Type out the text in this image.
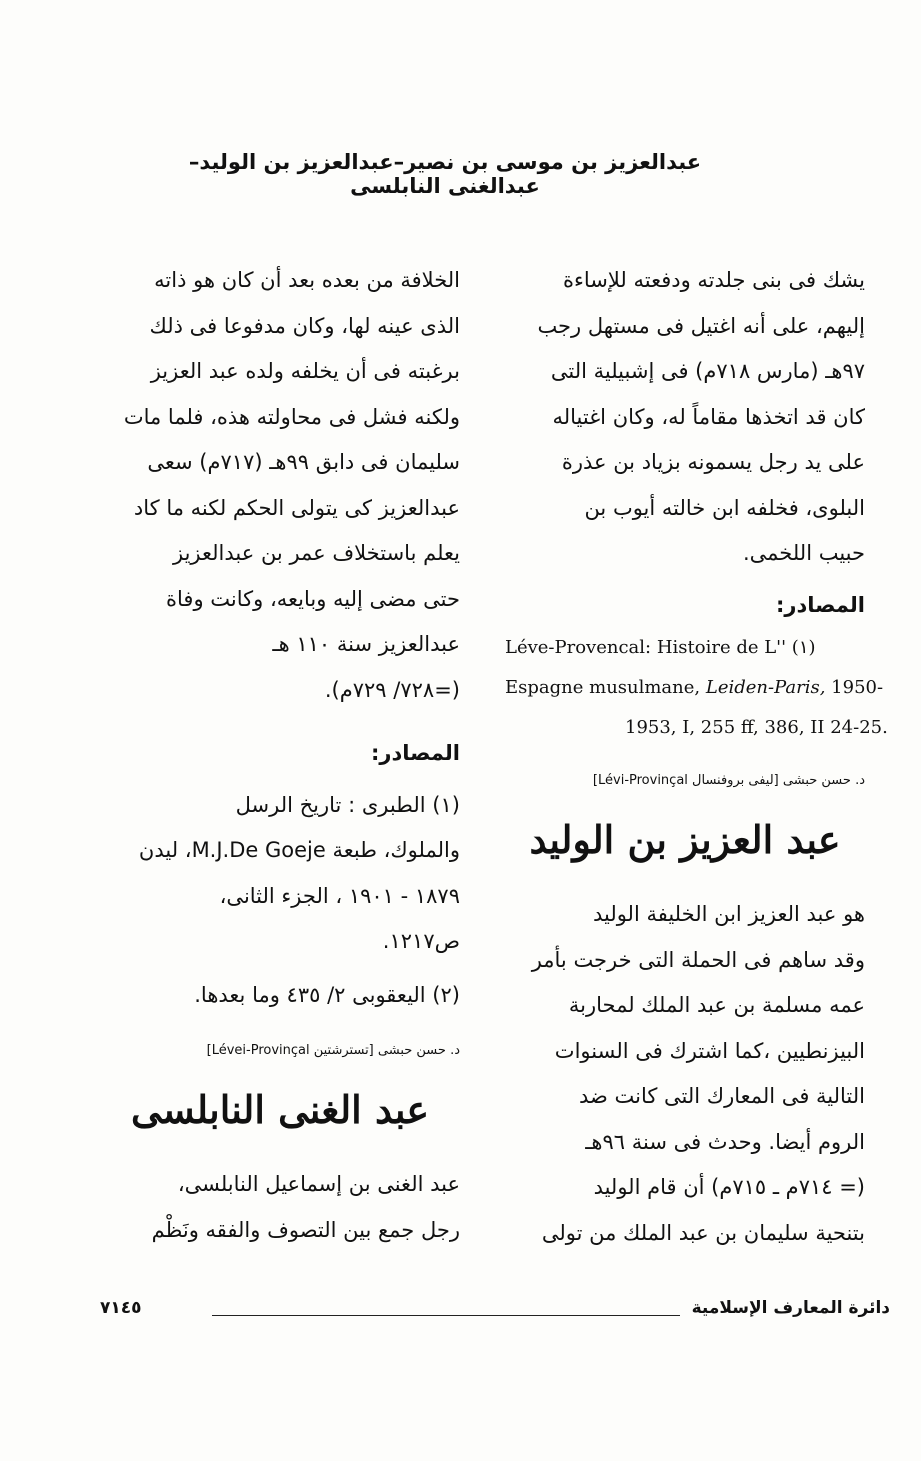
عبدالعزيز بن موسى بن نصير–عبدالعزيز بن الوليد–عبدالغنى النابلسى
يشك فى بنى جلدته ودفعته للإساءة
إليهم، على أنه اغتيل فى مستهل رجب
٩٧هـ (مارس ٧١٨م) فى إشبيلية التى
كان قد اتخذها مقاماً له، وكان اغتياله
على يد رجل يسمونه بزياد بن عذرة
البلوى، فخلفه ابن خالته أيوب بن
حبيب اللخمى.
المصادر:
Léve-Provencal: Histoire de L'' (١)
Espagne musulmane, Leiden-Paris, 1950-
1953, I, 255 ff, 386, II 24-25.
د. حسن حبشى [ليفى بروفنسال Lévi-Provinçal]
عبد العزيز بن الوليد
هو عبد العزيز ابن الخليفة الوليد
وقد ساهم فى الحملة التى خرجت بأمر
عمه مسلمة بن عبد الملك لمحاربة
البيزنطيين ،كما اشترك فى السنوات
التالية فى المعارك التى كانت ضد
الروم أيضا. وحدث فى سنة ٩٦هـ
(= ٧١٤م ـ ٧١٥م) أن قام الوليد
بتنحية سليمان بن عبد الملك من تولى
الخلافة من بعده بعد أن كان هو ذاته
الذى عينه لها، وكان مدفوعا فى ذلك
برغبته فى أن يخلفه ولده عبد العزيز
ولكنه فشل فى محاولته هذه، فلما مات
سليمان فى دابق ٩٩هـ (٧١٧م) سعى
عبدالعزيز كى يتولى الحكم لكنه ما كاد
يعلم باستخلاف عمر بن عبدالعزيز
حتى مضى إليه وبايعه، وكانت وفاة
عبدالعزيز سنة ١١٠ هـ
(=٧٢٨/ ٧٢٩م).
المصادر:
(١) الطبرى : تاريخ الرسل
والملوك، طبعة M.J.De Goeje، ليدن
١٨٧٩ - ١٩٠١ ، الجزء الثانى،
ص١٢١٧.
(٢) اليعقوبى ٢/ ٤٣٥ وما بعدها.
د. حسن حبشى [تسترشتين Lévei-Provinçal]
عبد الغنى النابلسى
عبد الغنى بن إسماعيل النابلسى،
رجل جمع بين التصوف والفقه ونَظْم
دائرة المعارف الإسلامية
٧١٤٥
